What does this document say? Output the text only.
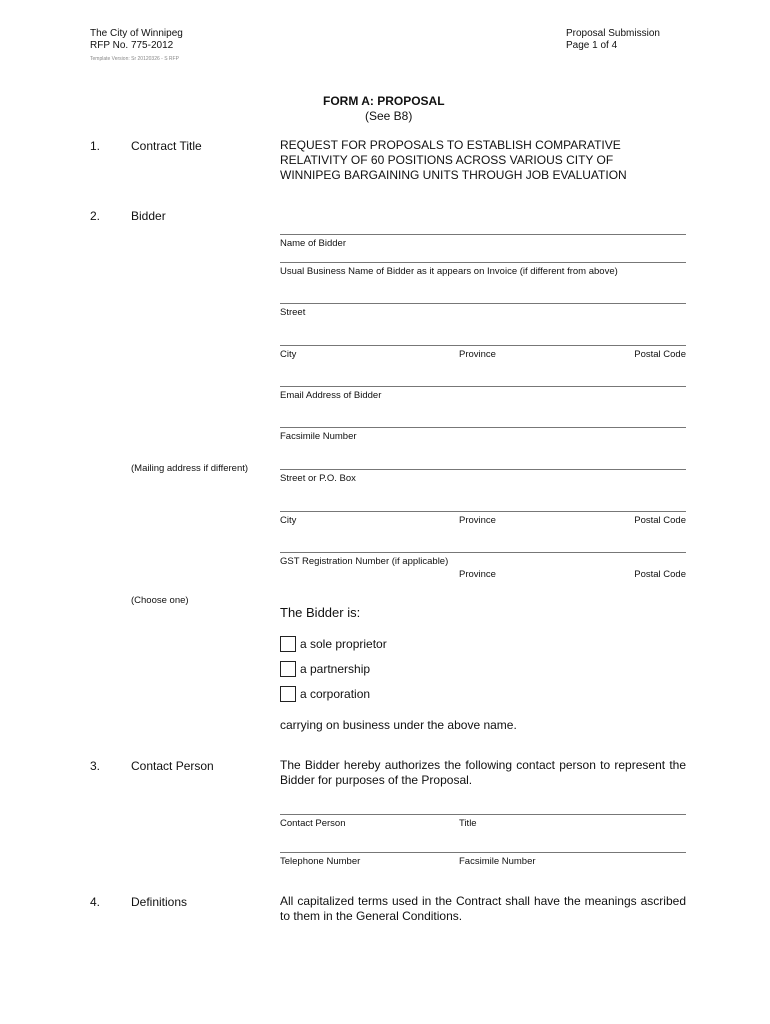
The City of Winnipeg
RFP No. 775-2012
Template Version: Sr 20120326 - S RFP
Proposal Submission
Page 1 of 4
FORM A: PROPOSAL
(See B8)
1.	Contract Title	REQUEST FOR PROPOSALS TO ESTABLISH COMPARATIVE
RELATIVITY OF 60 POSITIONS ACROSS VARIOUS CITY OF
WINNIPEG BARGAINING UNITS THROUGH JOB EVALUATION
2.	Bidder
Name of Bidder
Usual Business Name of Bidder as it appears on Invoice (if different from above)
Street
City	Province	Postal Code
Email Address of Bidder
Facsimile Number
(Mailing address if different)
Street or P.O. Box
City	Province	Postal Code
GST Registration Number (if applicable)
Province	Postal Code
(Choose one)
The Bidder is:
a sole proprietor
a partnership
a corporation
carrying on business under the above name.
3.	Contact Person	The Bidder hereby authorizes the following contact person to represent the Bidder for purposes of the Proposal.
Contact Person	Title
Telephone Number	Facsimile Number
4.	Definitions	All capitalized terms used in the Contract shall have the meanings ascribed to them in the General Conditions.
